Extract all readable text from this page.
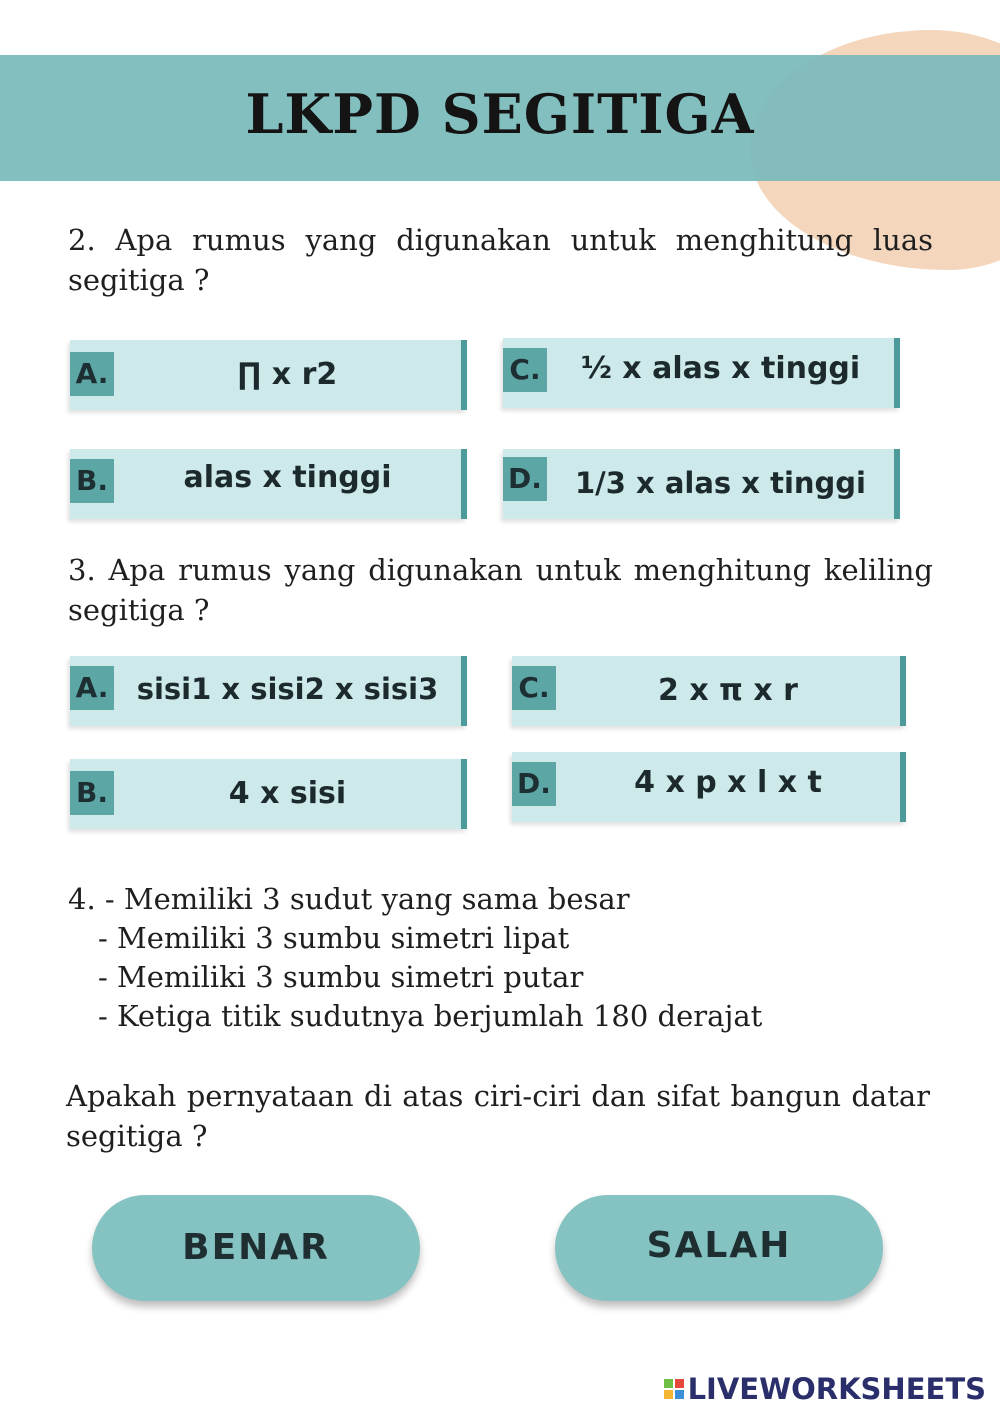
LKPD SEGITIGA
2. Apa rumus yang digunakan untuk menghitung luas segitiga ?
A.	∏ x r2	C.	½ x alas x tinggi
B.	alas x tinggi	D.	1/3 x alas x tinggi
3. Apa rumus yang digunakan untuk menghitung keliling segitiga ?
A. sisi1 x sisi2 x sisi3	C.	2 x π x r
B.	4 x sisi	D.	4 x p x l x t
4. - Memiliki 3 sudut yang sama besar
- Memiliki 3 sumbu simetri lipat
- Memiliki 3 sumbu simetri putar
- Ketiga titik sudutnya berjumlah 180 derajat
Apakah pernyataan di atas ciri-ciri dan sifat bangun datar segitiga ?
BENAR	SALAH
LIVEWORKSHEETS
